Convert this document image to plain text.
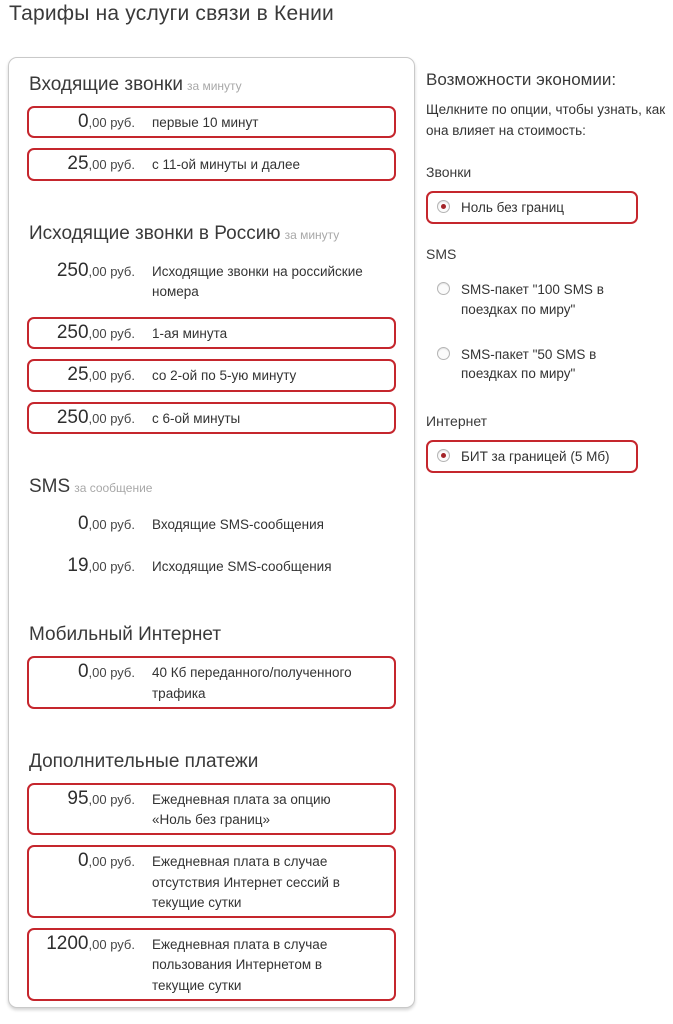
Тарифы на услуги связи в Кении
Входящие звонки за минуту
0,00 руб. первые 10 минут
25,00 руб. с 11-ой минуты и далее
Исходящие звонки в Россию за минуту
250,00 руб. Исходящие звонки на российские номера
250,00 руб. 1-ая минута
25,00 руб. со 2-ой по 5-ую минуту
250,00 руб. с 6-ой минуты
SMS за сообщение
0,00 руб. Входящие SMS-сообщения
19,00 руб. Исходящие SMS-сообщения
Мобильный Интернет
0,00 руб. 40 Кб переданного/полученного трафика
Дополнительные платежи
95,00 руб. Ежедневная плата за опцию «Ноль без границ»
0,00 руб. Ежедневная плата в случае отсутствия Интернет сессий в текущие сутки
1200,00 руб. Ежедневная плата в случае пользования Интернетом в текущие сутки
Возможности экономии:
Щелкните по опции, чтобы узнать, как она влияет на стоимость:
Звонки
Ноль без границ
SMS
SMS-пакет "100 SMS в поездках по миру"
SMS-пакет "50 SMS в поездках по миру"
Интернет
БИТ за границей (5 Мб)
